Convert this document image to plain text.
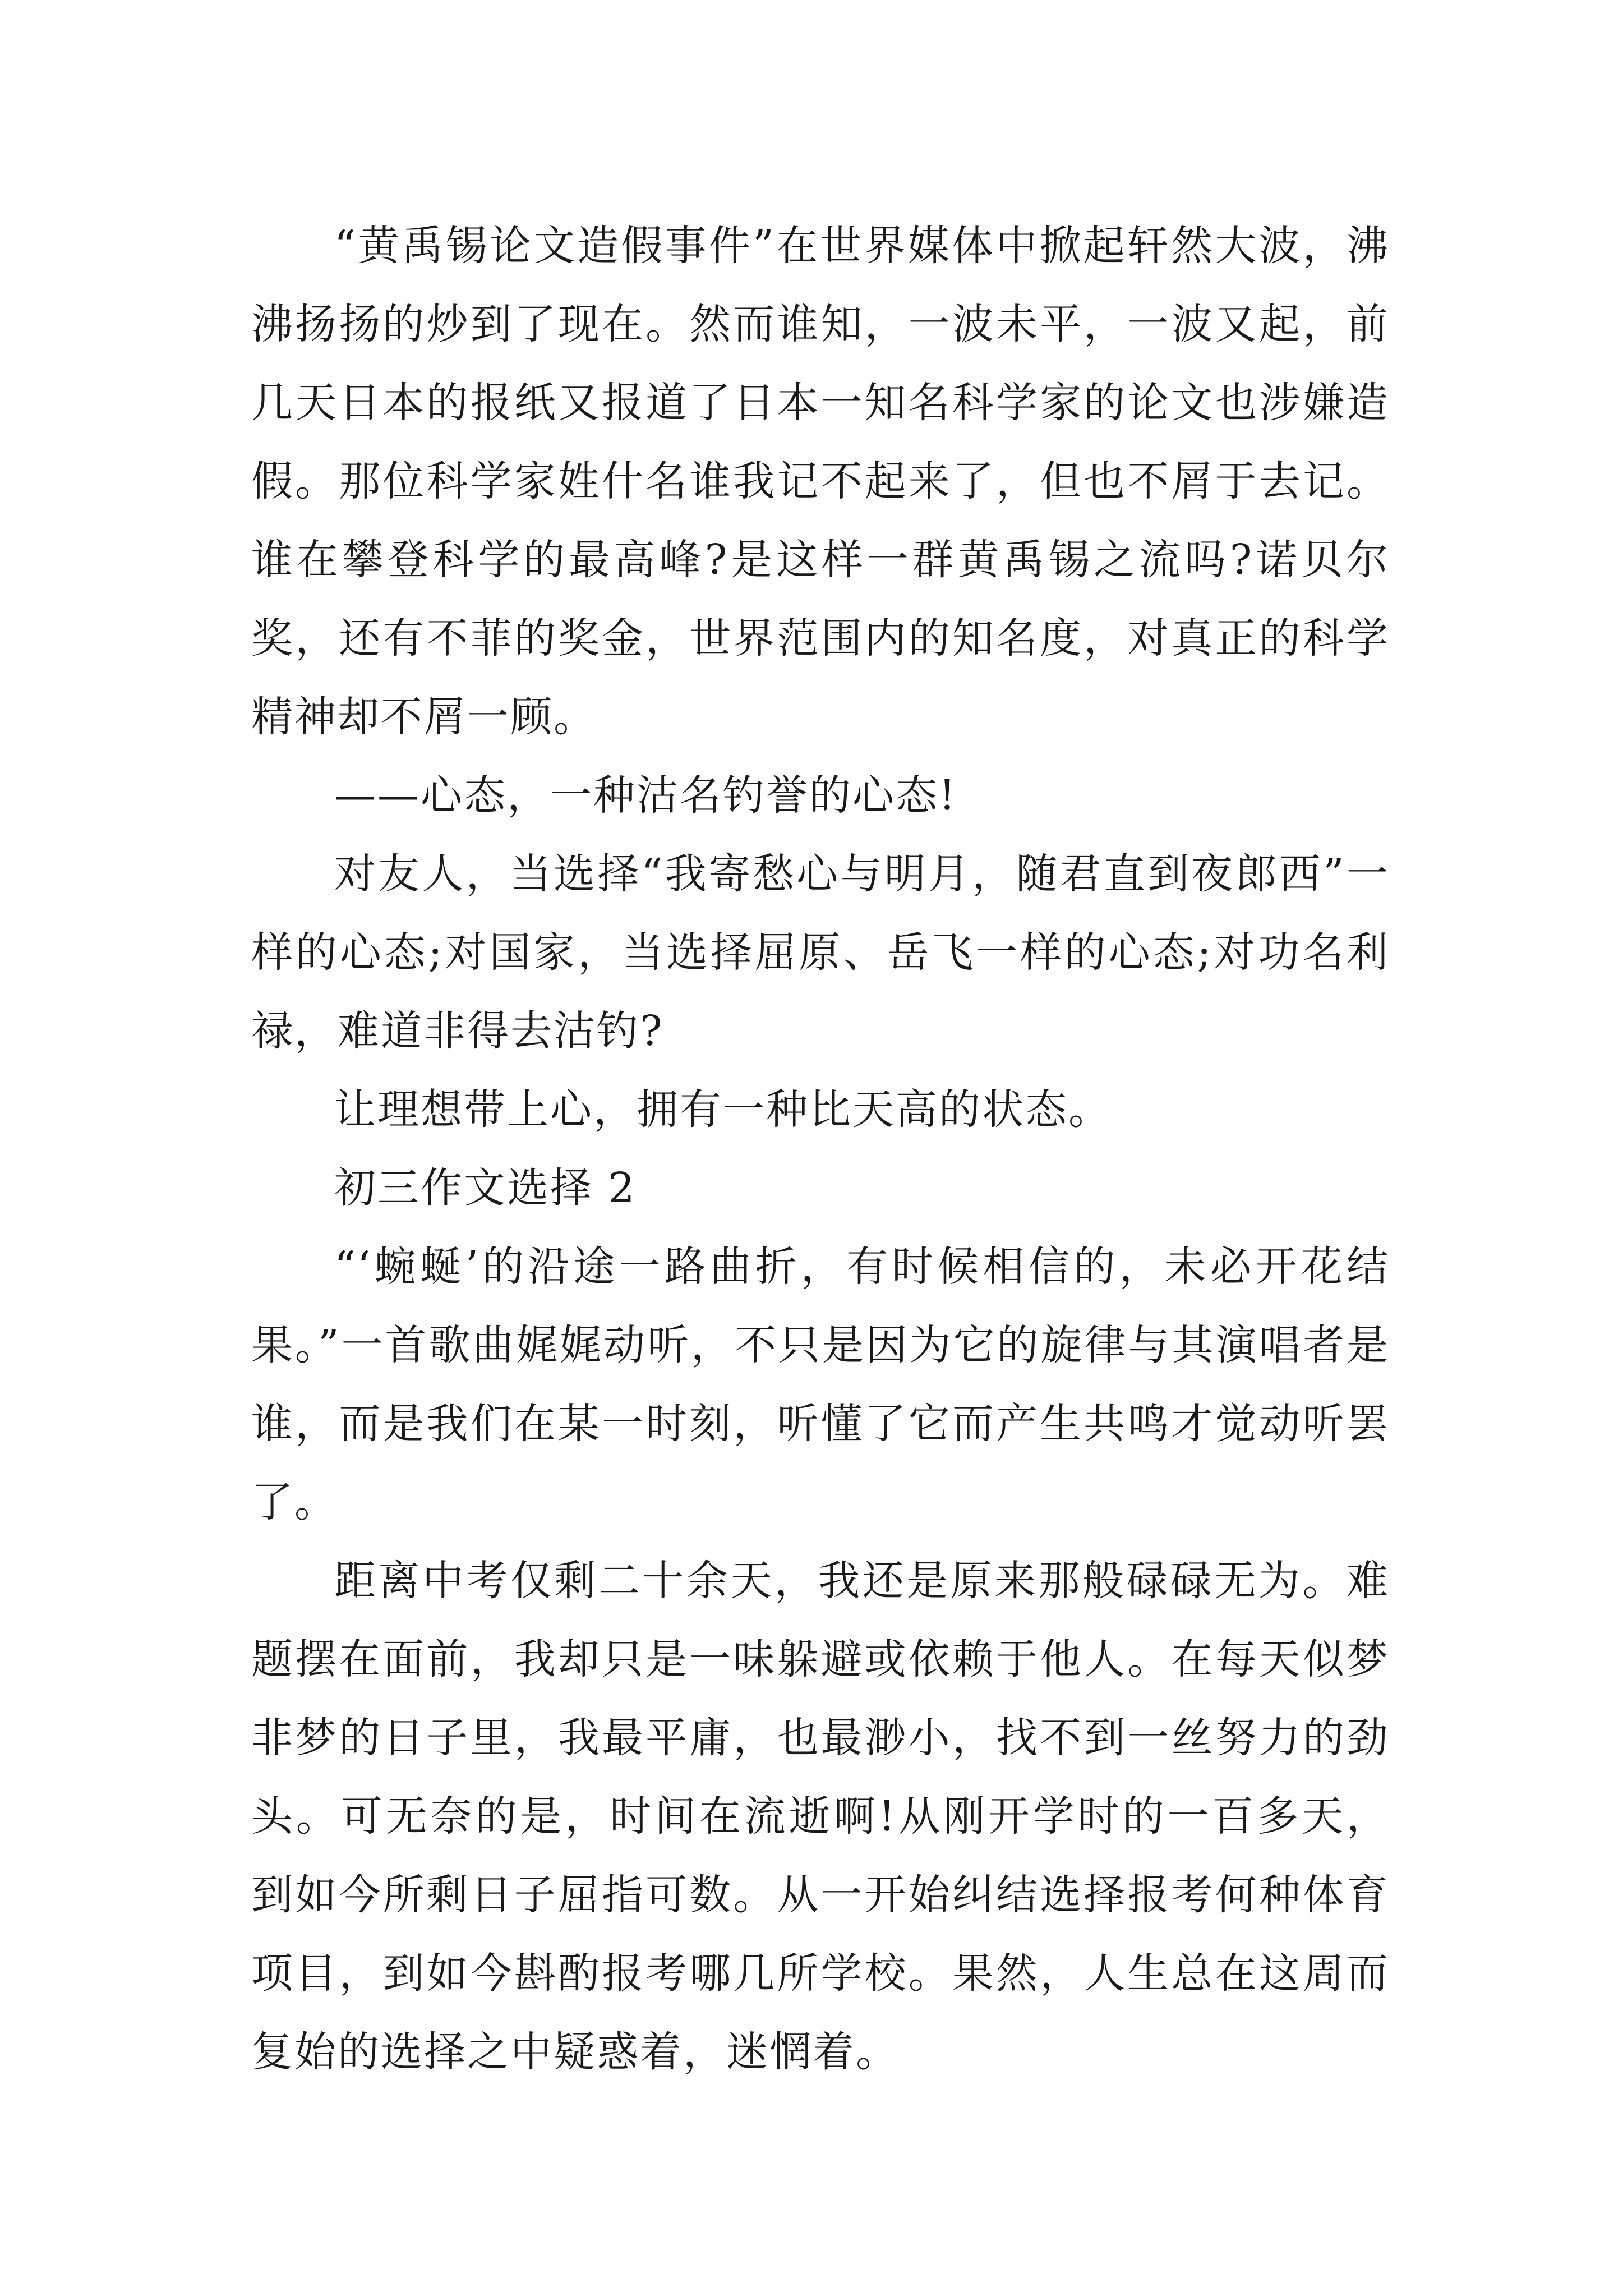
“黄禹锡论文造假事件”在世界媒体中掀起轩然大波，沸沸扬扬的炒到了现在。然而谁知，一波未平，一波又起，前几天日本的报纸又报道了日本一知名科学家的论文也涉嫌造假。那位科学家姓什名谁我记不起来了，但也不屑于去记。谁在攀登科学的最高峰?是这样一群黄禹锡之流吗?诺贝尔奖，还有不菲的奖金，世界范围内的知名度，对真正的科学精神却不屑一顾。

——心态，一种沽名钓誉的心态!

对友人，当选择“我寄愁心与明月，随君直到夜郎西”一样的心态;对国家，当选择屈原、岳飞一样的心态;对功名利禄，难道非得去沽钓?

让理想带上心，拥有一种比天高的状态。

初三作文选择 2

“‘蜿蜒’的沿途一路曲折，有时候相信的，未必开花结果。”一首歌曲娓娓动听，不只是因为它的旋律与其演唱者是谁，而是我们在某一时刻，听懂了它而产生共鸣才觉动听罢了。

距离中考仅剩二十余天，我还是原来那般碌碌无为。难题摆在面前，我却只是一味躲避或依赖于他人。在每天似梦非梦的日子里，我最平庸，也最渺小，找不到一丝努力的劲头。可无奈的是，时间在流逝啊!从刚开学时的一百多天，到如今所剩日子屈指可数。从一开始纠结选择报考何种体育项目，到如今斟酌报考哪几所学校。果然，人生总在这周而复始的选择之中疑惑着，迷惘着。
